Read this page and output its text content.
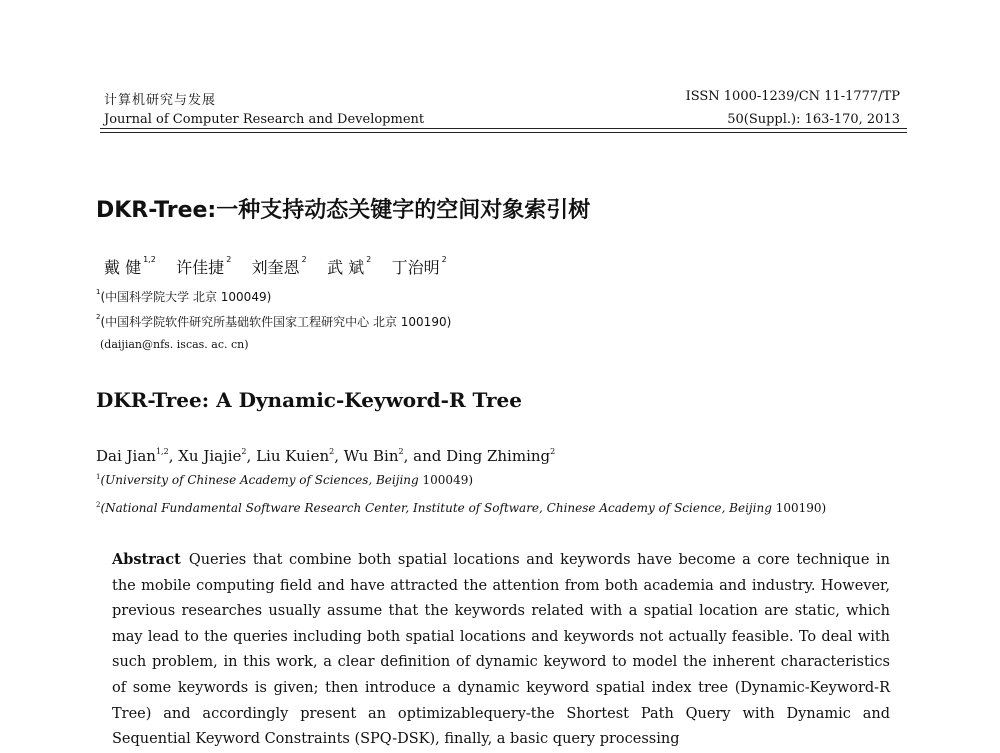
计算机研究与发展
Journal of Computer Research and Development
ISSN 1000-1239/CN 11-1777/TP
50(Suppl.): 163-170, 2013
DKR-Tree:一种支持动态关键字的空间对象索引树
戴 健 $^{1,2}$ 许佳捷 $^2$ 刘奎恩 $^2$ 武 斌 $^2$ 丁治明 $^2$
$^1$(中国科学院大学 北京 100049)
$^2$(中国科学院软件研究所基础软件国家工程研究中心 北京 100190)
(daijian@nfs. iscas. ac. cn)
DKR-Tree: A Dynamic-Keyword-R Tree
Dai Jian$^{1,2}$, Xu Jiajie$^2$, Liu Kuien$^2$, Wu Bin$^2$, and Ding Zhiming$^2$
$^1$(University of Chinese Academy of Sciences, Beijing 100049)
$^2$(National Fundamental Software Research Center, Institute of Software, Chinese Academy of Science, Beijing 100190)
Abstract Queries that combine both spatial locations and keywords have become a core technique in the mobile computing field and have attracted the attention from both academia and industry. However, previous researches usually assume that the keywords related with a spatial location are static, which may lead to the queries including both spatial locations and keywords not actually feasible. To deal with such problem, in this work, a clear definition of dynamic keyword to model the inherent characteristics of some keywords is given; then introduce a dynamic keyword spatial index tree (Dynamic-Keyword-R Tree) and accordingly present an optimizablequery-the Shortest Path Query with Dynamic and Sequential Keyword Constraints (SPQ-DSK), finally, a basic query processing
